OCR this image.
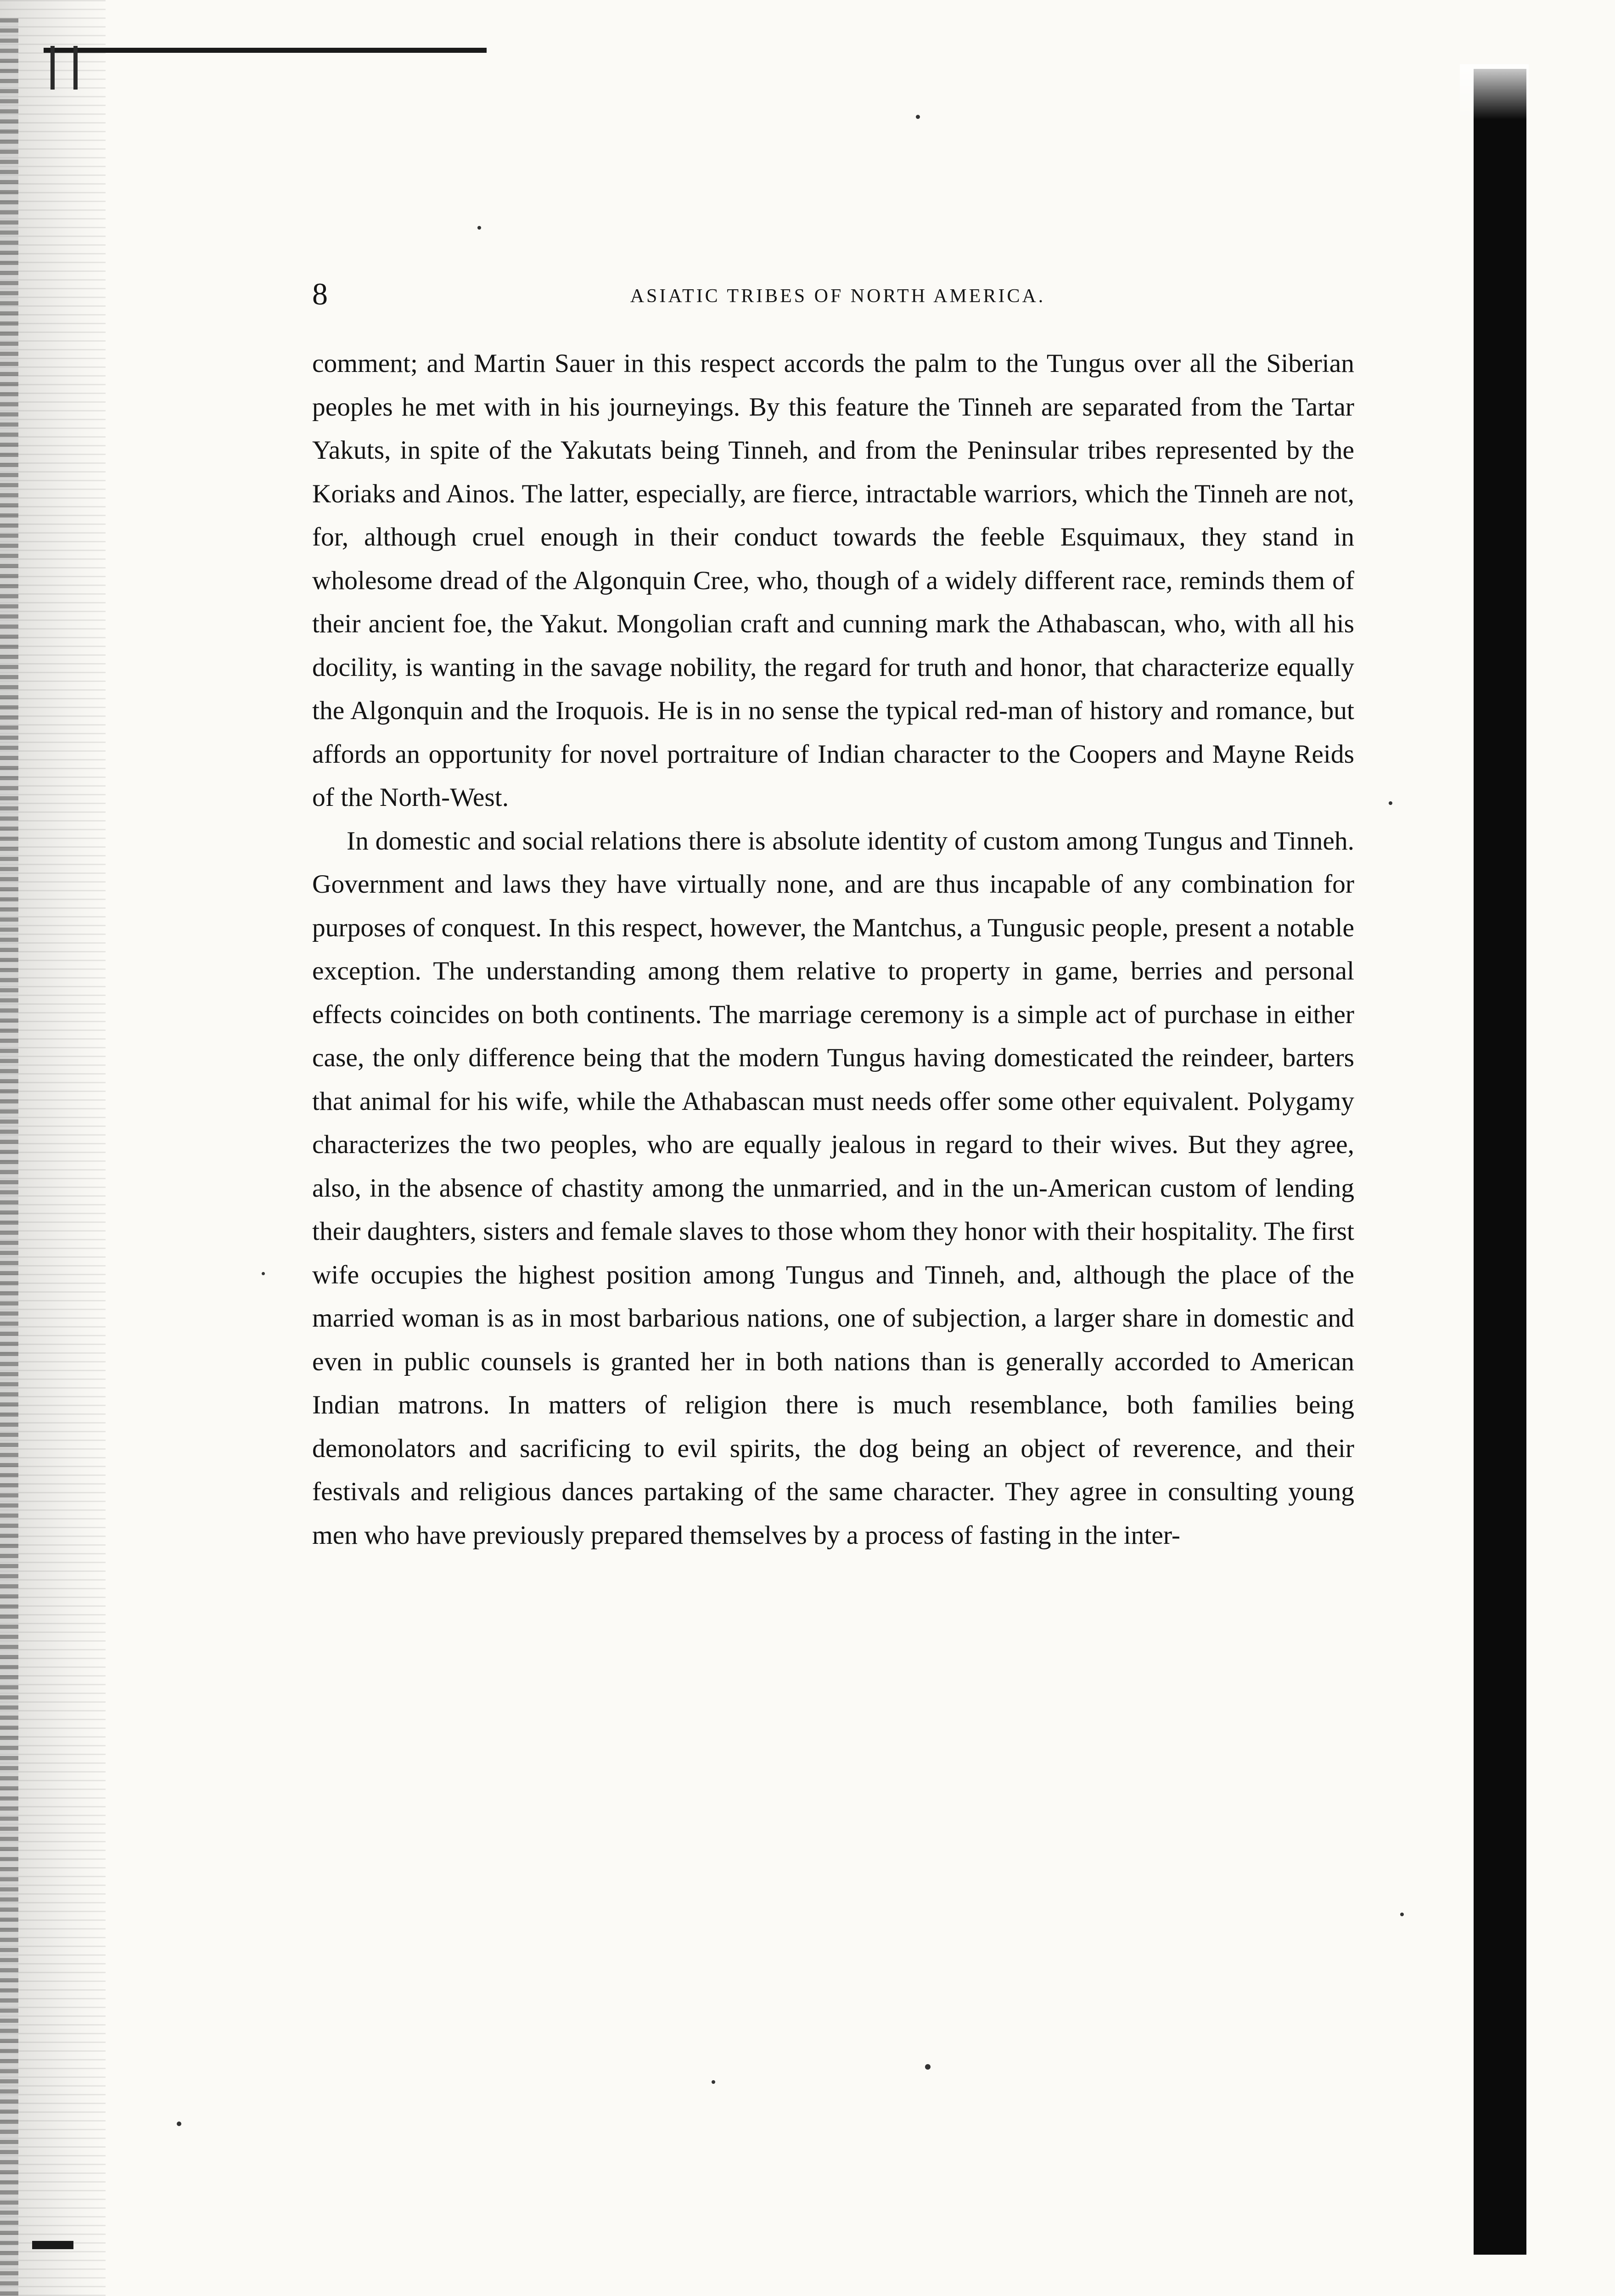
8	ASIATIC TRIBES OF NORTH AMERICA.

comment; and Martin Sauer in this respect accords the palm to the Tungus over all the Siberian peoples he met with in his journeyings. By this feature the Tinneh are separated from the Tartar Yakuts, in spite of the Yakutats being Tinneh, and from the Peninsular tribes represented by the Koriaks and Ainos. The latter, especially, are fierce, intractable warriors, which the Tinneh are not, for, although cruel enough in their conduct towards the feeble Esquimaux, they stand in wholesome dread of the Algonquin Cree, who, though of a widely different race, reminds them of their ancient foe, the Yakut. Mongolian craft and cunning mark the Athabascan, who, with all his docility, is wanting in the savage nobility, the regard for truth and honor, that characterize equally the Algonquin and the Iroquois. He is in no sense the typical red-man of history and romance, but affords an opportunity for novel portraiture of Indian character to the Coopers and Mayne Reids of the North-West.

In domestic and social relations there is absolute identity of custom among Tungus and Tinneh. Government and laws they have virtually none, and are thus incapable of any combination for purposes of conquest. In this respect, however, the Mantchus, a Tungusic people, present a notable exception. The understanding among them relative to property in game, berries and personal effects coincides on both continents. The marriage ceremony is a simple act of purchase in either case, the only difference being that the modern Tungus having domesticated the reindeer, barters that animal for his wife, while the Athabascan must needs offer some other equivalent. Polygamy characterizes the two peoples, who are equally jealous in regard to their wives. But they agree, also, in the absence of chastity among the unmarried, and in the un-American custom of lending their daughters, sisters and female slaves to those whom they honor with their hospitality. The first wife occupies the highest position among Tungus and Tinneh, and, although the place of the married woman is as in most barbarious nations, one of subjection, a larger share in domestic and even in public counsels is granted her in both nations than is generally accorded to American Indian matrons. In matters of religion there is much resemblance, both families being demonolators and sacrificing to evil spirits, the dog being an object of reverence, and their festivals and religious dances partaking of the same character. They agree in consulting young men who have previously prepared themselves by a process of fasting in the inter-
